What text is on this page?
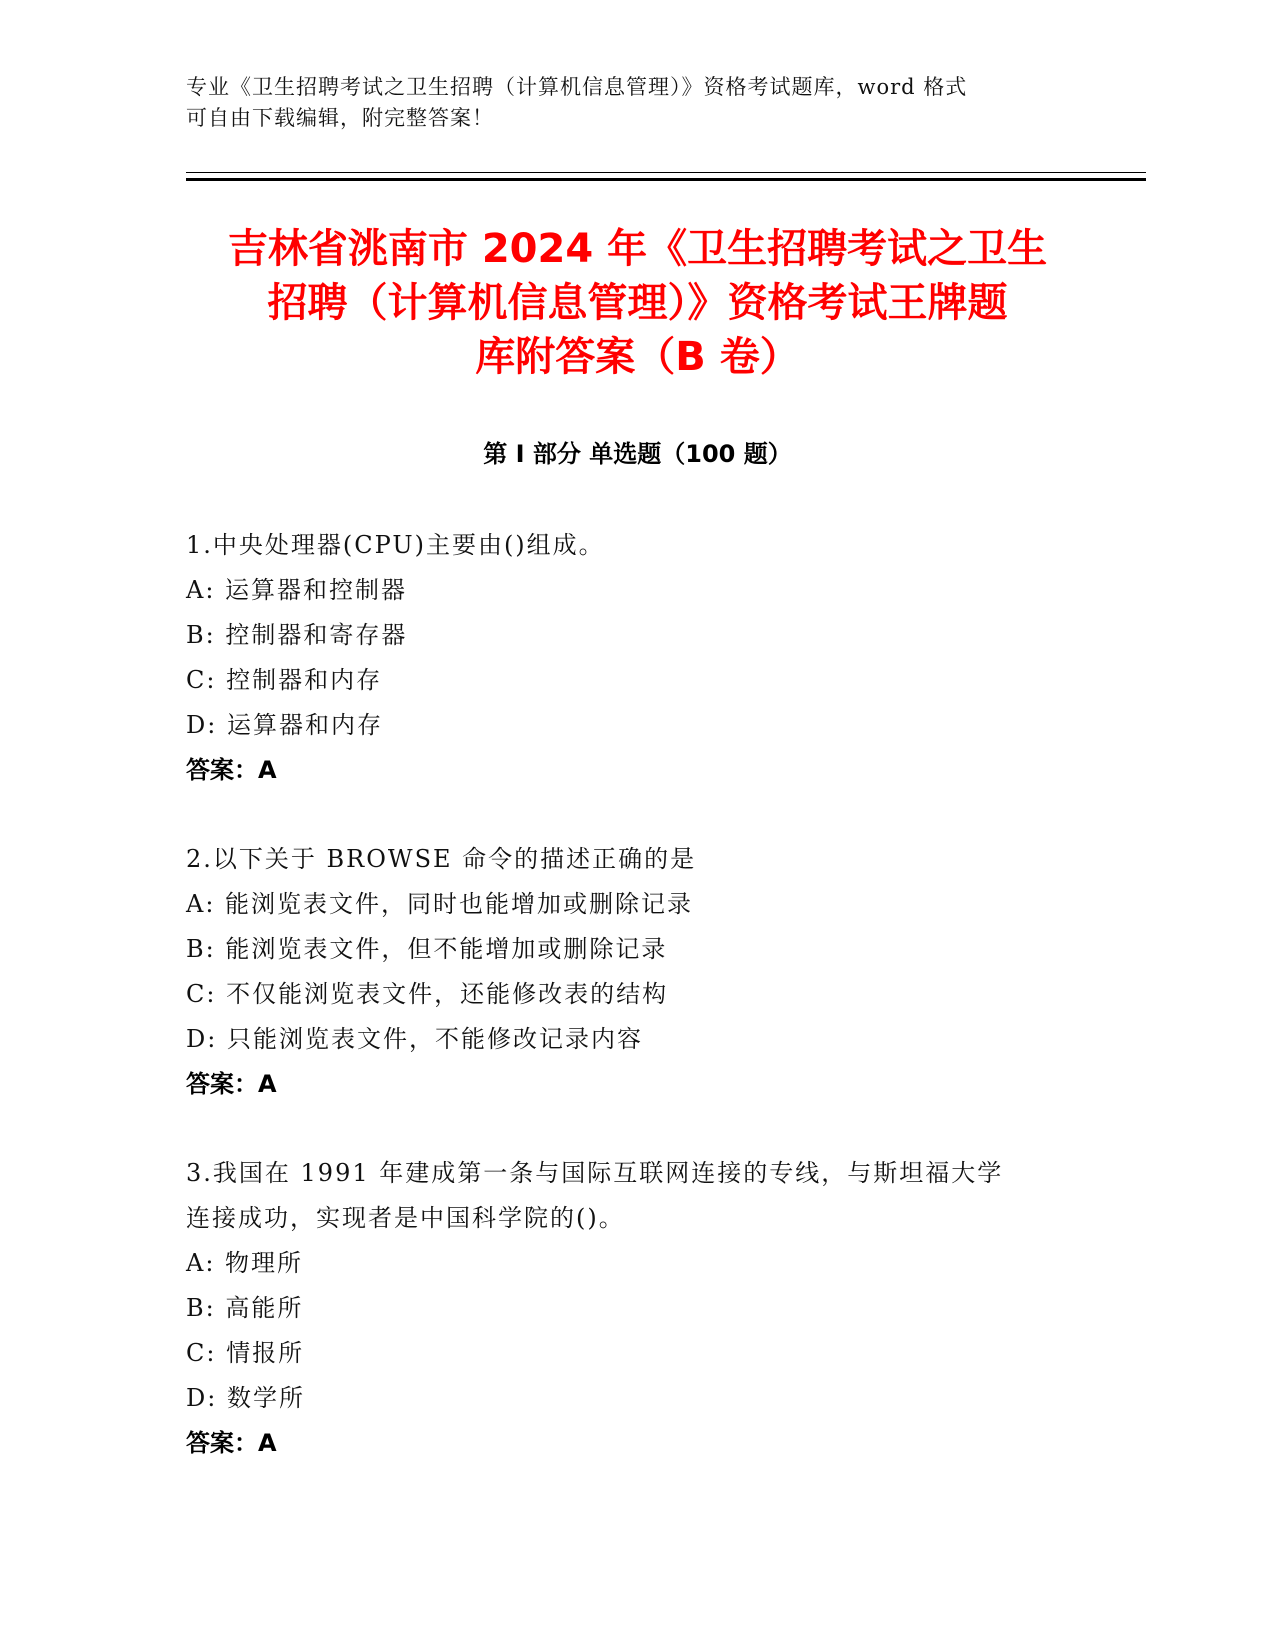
专业《卫生招聘考试之卫生招聘（计算机信息管理）》资格考试题库，word 格式
可自由下载编辑，附完整答案！
吉林省洮南市 2024 年《卫生招聘考试之卫生
招聘（计算机信息管理）》资格考试王牌题
库附答案（B 卷）
第 I 部分 单选题（100 题）
1.中央处理器(CPU)主要由()组成。
A: 运算器和控制器
B: 控制器和寄存器
C: 控制器和内存
D: 运算器和内存
答案：A
2.以下关于 BROWSE 命令的描述正确的是
A: 能浏览表文件，同时也能增加或删除记录
B: 能浏览表文件，但不能增加或删除记录
C: 不仅能浏览表文件，还能修改表的结构
D: 只能浏览表文件，不能修改记录内容
答案：A
3.我国在 1991 年建成第一条与国际互联网连接的专线，与斯坦福大学
连接成功，实现者是中国科学院的()。
A: 物理所
B: 高能所
C: 情报所
D: 数学所
答案：A
